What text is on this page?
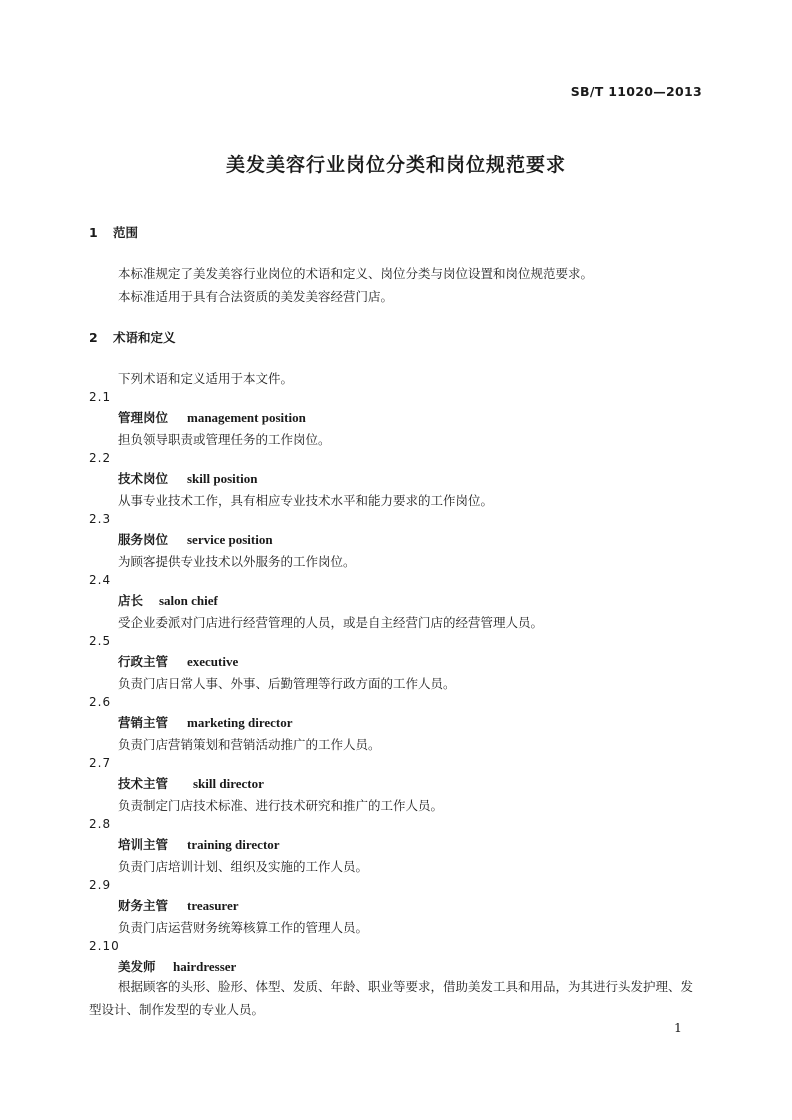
SB/T 11020—2013
美发美容行业岗位分类和岗位规范要求
1 范围
本标准规定了美发美容行业岗位的术语和定义、岗位分类与岗位设置和岗位规范要求。
本标准适用于具有合法资质的美发美容经营门店。
2 术语和定义
下列术语和定义适用于本文件。
2.1
管理岗位 management position
担负领导职责或管理任务的工作岗位。
2.2
技术岗位 skill position
从事专业技术工作，具有相应专业技术水平和能力要求的工作岗位。
2.3
服务岗位 service position
为顾客提供专业技术以外服务的工作岗位。
2.4
店长 salon chief
受企业委派对门店进行经营管理的人员，或是自主经营门店的经营管理人员。
2.5
行政主管 executive
负责门店日常人事、外事、后勤管理等行政方面的工作人员。
2.6
营销主管 marketing director
负责门店营销策划和营销活动推广的工作人员。
2.7
技术主管 skill director
负责制定门店技术标准、进行技术研究和推广的工作人员。
2.8
培训主管 training director
负责门店培训计划、组织及实施的工作人员。
2.9
财务主管 treasurer
负责门店运营财务统筹核算工作的管理人员。
2.10
美发师 hairdresser
根据顾客的头形、脸形、体型、发质、年龄、职业等要求，借助美发工具和用品，为其进行头发护理、发型设计、制作发型的专业人员。
1
